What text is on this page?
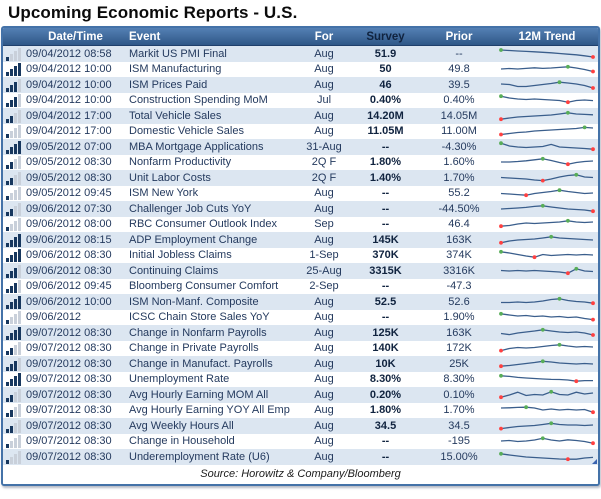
Upcoming Economic Reports - U.S.
Date/Time	Event	For	Survey	Prior	12M Trend
09/04/2012 08:58	Markit US PMI Final	Aug	51.9	--
09/04/2012 10:00	ISM Manufacturing	Aug	50	49.8
09/04/2012 10:00	ISM Prices Paid	Aug	46	39.5
09/04/2012 10:00	Construction Spending MoM	Jul	0.40%	0.40%
09/04/2012 17:00	Total Vehicle Sales	Aug	14.20M	14.05M
09/04/2012 17:00	Domestic Vehicle Sales	Aug	11.05M	11.00M
09/05/2012 07:00	MBA Mortgage Applications	31-Aug	--	-4.30%
09/05/2012 08:30	Nonfarm Productivity	2Q F	1.80%	1.60%
09/05/2012 08:30	Unit Labor Costs	2Q F	1.40%	1.70%
09/05/2012 09:45	ISM New York	Aug	--	55.2
09/06/2012 07:30	Challenger Job Cuts YoY	Aug	--	-44.50%
09/06/2012 08:00	RBC Consumer Outlook Index	Sep	--	46.4
09/06/2012 08:15	ADP Employment Change	Aug	145K	163K
09/06/2012 08:30	Initial Jobless Claims	1-Sep	370K	374K
09/06/2012 08:30	Continuing Claims	25-Aug	3315K	3316K
09/06/2012 09:45	Bloomberg Consumer Comfort	2-Sep	--	-47.3
09/06/2012 10:00	ISM Non-Manf. Composite	Aug	52.5	52.6
09/06/2012	ICSC Chain Store Sales YoY	Aug	--	1.90%
09/07/2012 08:30	Change in Nonfarm Payrolls	Aug	125K	163K
09/07/2012 08:30	Change in Private Payrolls	Aug	140K	172K
09/07/2012 08:30	Change in Manufact. Payrolls	Aug	10K	25K
09/07/2012 08:30	Unemployment Rate	Aug	8.30%	8.30%
09/07/2012 08:30	Avg Hourly Earning MOM All	Aug	0.20%	0.10%
09/07/2012 08:30	Avg Hourly Earning YOY All Emp	Aug	1.80%	1.70%
09/07/2012 08:30	Avg Weekly Hours All	Aug	34.5	34.5
09/07/2012 08:30	Change in Household	Aug	--	-195
09/07/2012 08:30	Underemployment Rate (U6)	Aug	--	15.00%
Source: Horowitz & Company/Bloomberg
